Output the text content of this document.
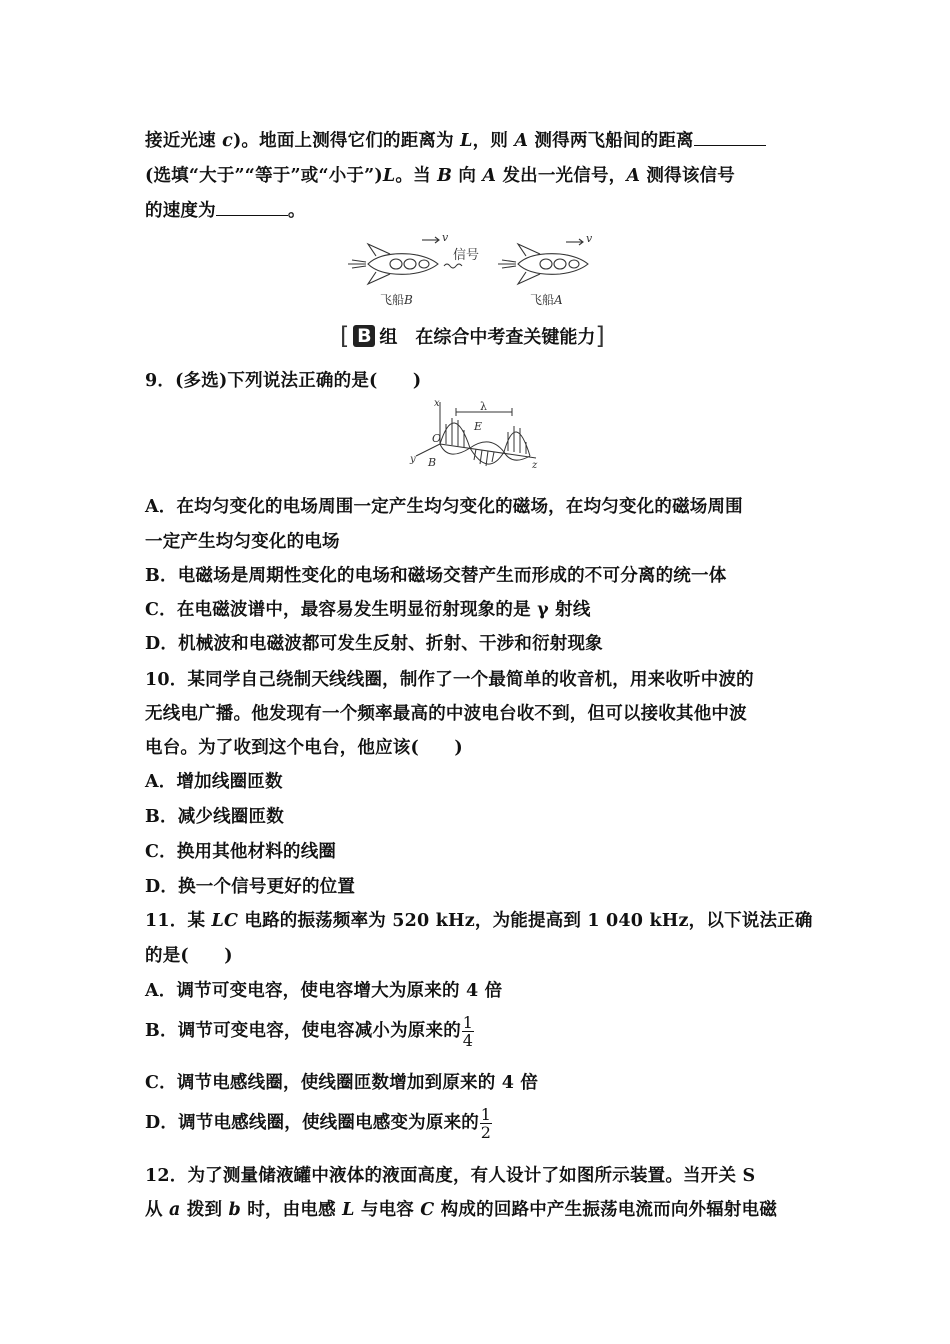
接近光速 c)。地面上测得它们的距离为 L，则 A 测得两飞船间的距离
(选填“大于”“等于”或“小于”)L。当 B 向 A 发出一光信号，A 测得该信号
的速度为	。
v
信号
v
飞船B	飞船A
[ B 组　在综合中考查关键能力 ]
9．(多选)下列说法正确的是(　　)
x	λ
E
O
y B	z
A．在均匀变化的电场周围一定产生均匀变化的磁场，在均匀变化的磁场周围
一定产生均匀变化的电场
B．电磁场是周期性变化的电场和磁场交替产生而形成的不可分离的统一体
C．在电磁波谱中，最容易发生明显衍射现象的是 γ 射线
D．机械波和电磁波都可发生反射、折射、干涉和衍射现象
10．某同学自己绕制天线线圈，制作了一个最简单的收音机，用来收听中波的
无线电广播。他发现有一个频率最高的中波电台收不到，但可以接收其他中波
电台。为了收到这个电台，他应该(　　)
A．增加线圈匝数
B．减少线圈匝数
C．换用其他材料的线圈
D．换一个信号更好的位置
11．某 LC 电路的振荡频率为 520 kHz，为能提高到 1 040 kHz，以下说法正确
的是(　　)
A．调节可变电容，使电容增大为原来的 4 倍
B．调节可变电容，使电容减小为原来的 $\frac{1}{4}$
C．调节电感线圈，使线圈匝数增加到原来的 4 倍
D．调节电感线圈，使线圈电感变为原来的 $\frac{1}{2}$
12．为了测量储液罐中液体的液面高度，有人设计了如图所示装置。当开关 S
从 a 拨到 b 时，由电感 L 与电容 C 构成的回路中产生振荡电流而向外辐射电磁
